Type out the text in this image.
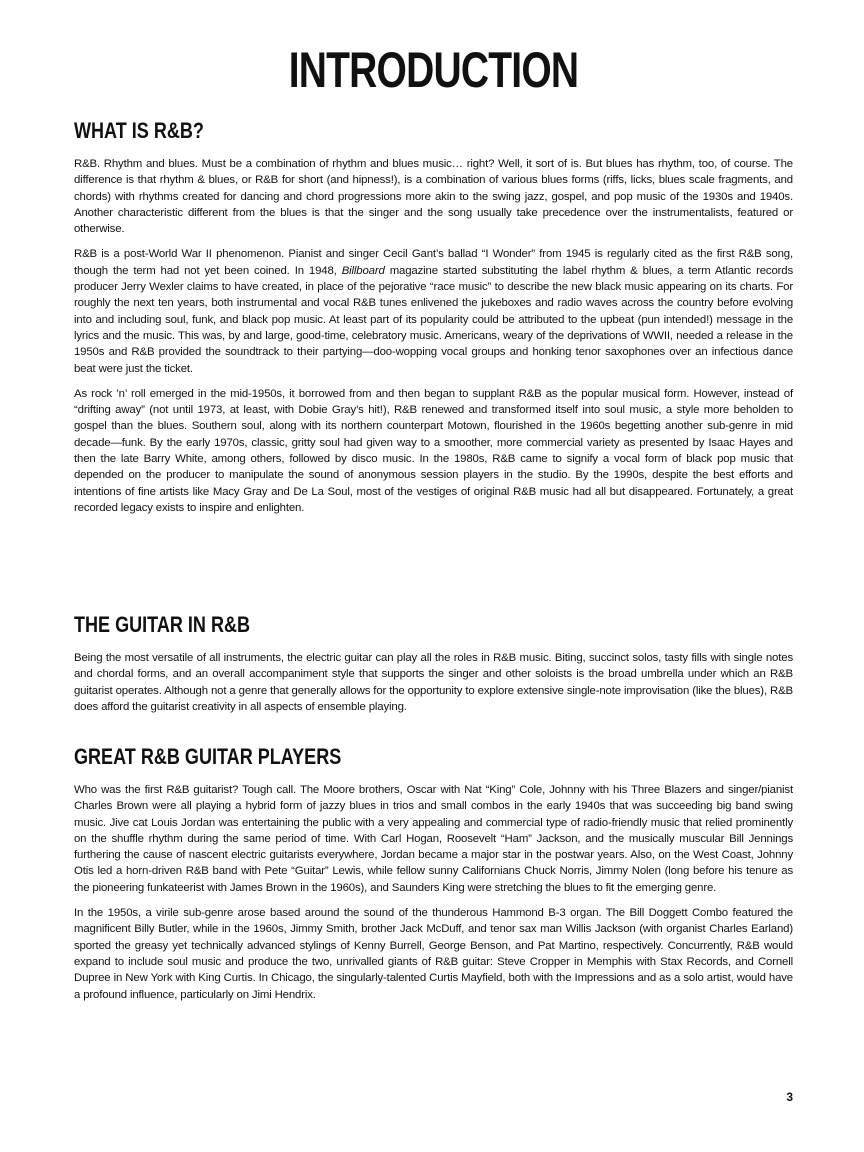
INTRODUCTION
WHAT IS R&B?

R&B. Rhythm and blues. Must be a combination of rhythm and blues music… right? Well, it sort of is. But blues has rhythm, too, of course. The difference is that rhythm & blues, or R&B for short (and hipness!), is a combination of various blues forms (riffs, licks, blues scale fragments, and chords) with rhythms created for dancing and chord progressions more akin to the swing jazz, gospel, and pop music of the 1930s and 1940s. Another characteristic different from the blues is that the singer and the song usually take precedence over the instrumentalists, featured or otherwise.

R&B is a post-World War II phenomenon. Pianist and singer Cecil Gant’s ballad “I Wonder” from 1945 is regularly cited as the first R&B song, though the term had not yet been coined. In 1948, Billboard magazine started substituting the label rhythm & blues, a term Atlantic records producer Jerry Wexler claims to have created, in place of the pejorative “race music” to describe the new black music appearing on its charts. For roughly the next ten years, both instrumental and vocal R&B tunes enlivened the jukeboxes and radio waves across the country before evolving into and including soul, funk, and black pop music. At least part of its popularity could be attributed to the upbeat (pun intended!) message in the lyrics and the music. This was, by and large, good-time, celebratory music. Americans, weary of the deprivations of WWII, needed a release in the 1950s and R&B provided the soundtrack to their partying—doo-wopping vocal groups and honking tenor saxophones over an infectious dance beat were just the ticket.

As rock ’n’ roll emerged in the mid-1950s, it borrowed from and then began to supplant R&B as the popular musical form. However, instead of “drifting away” (not until 1973, at least, with Dobie Gray’s hit!), R&B renewed and transformed itself into soul music, a style more beholden to gospel than the blues. Southern soul, along with its northern counterpart Motown, flourished in the 1960s begetting another sub-genre in mid decade—funk. By the early 1970s, classic, gritty soul had given way to a smoother, more commercial variety as presented by Isaac Hayes and then the late Barry White, among others, followed by disco music. In the 1980s, R&B came to signify a vocal form of black pop music that depended on the producer to manipulate the sound of anonymous session players in the studio. By the 1990s, despite the best efforts and intentions of fine artists like Macy Gray and De La Soul, most of the vestiges of original R&B music had all but disappeared. Fortunately, a great recorded legacy exists to inspire and enlighten.

THE GUITAR IN R&B

Being the most versatile of all instruments, the electric guitar can play all the roles in R&B music. Biting, succinct solos, tasty fills with single notes and chordal forms, and an overall accompaniment style that supports the singer and other soloists is the broad umbrella under which an R&B guitarist operates. Although not a genre that generally allows for the opportunity to explore extensive single-note improvisation (like the blues), R&B does afford the guitarist creativity in all aspects of ensemble playing.

GREAT R&B GUITAR PLAYERS

Who was the first R&B guitarist? Tough call. The Moore brothers, Oscar with Nat “King” Cole, Johnny with his Three Blazers and singer/pianist Charles Brown were all playing a hybrid form of jazzy blues in trios and small combos in the early 1940s that was succeeding big band swing music. Jive cat Louis Jordan was entertaining the public with a very appealing and commercial type of radio-friendly music that relied prominently on the shuffle rhythm during the same period of time. With Carl Hogan, Roosevelt “Ham” Jackson, and the musically muscular Bill Jennings furthering the cause of nascent electric guitarists everywhere, Jordan became a major star in the postwar years. Also, on the West Coast, Johnny Otis led a horn-driven R&B band with Pete “Guitar” Lewis, while fellow sunny Californians Chuck Norris, Jimmy Nolen (long before his tenure as the pioneering funkateerist with James Brown in the 1960s), and Saunders King were stretching the blues to fit the emerging genre.

In the 1950s, a virile sub-genre arose based around the sound of the thunderous Hammond B-3 organ. The Bill Doggett Combo featured the magnificent Billy Butler, while in the 1960s, Jimmy Smith, brother Jack McDuff, and tenor sax man Willis Jackson (with organist Charles Earland) sported the greasy yet technically advanced stylings of Kenny Burrell, George Benson, and Pat Martino, respectively. Concurrently, R&B would expand to include soul music and produce the two, unrivalled giants of R&B guitar: Steve Cropper in Memphis with Stax Records, and Cornell Dupree in New York with King Curtis. In Chicago, the singularly-talented Curtis Mayfield, both with the Impressions and as a solo artist, would have a profound influence, particularly on Jimi Hendrix.

3
